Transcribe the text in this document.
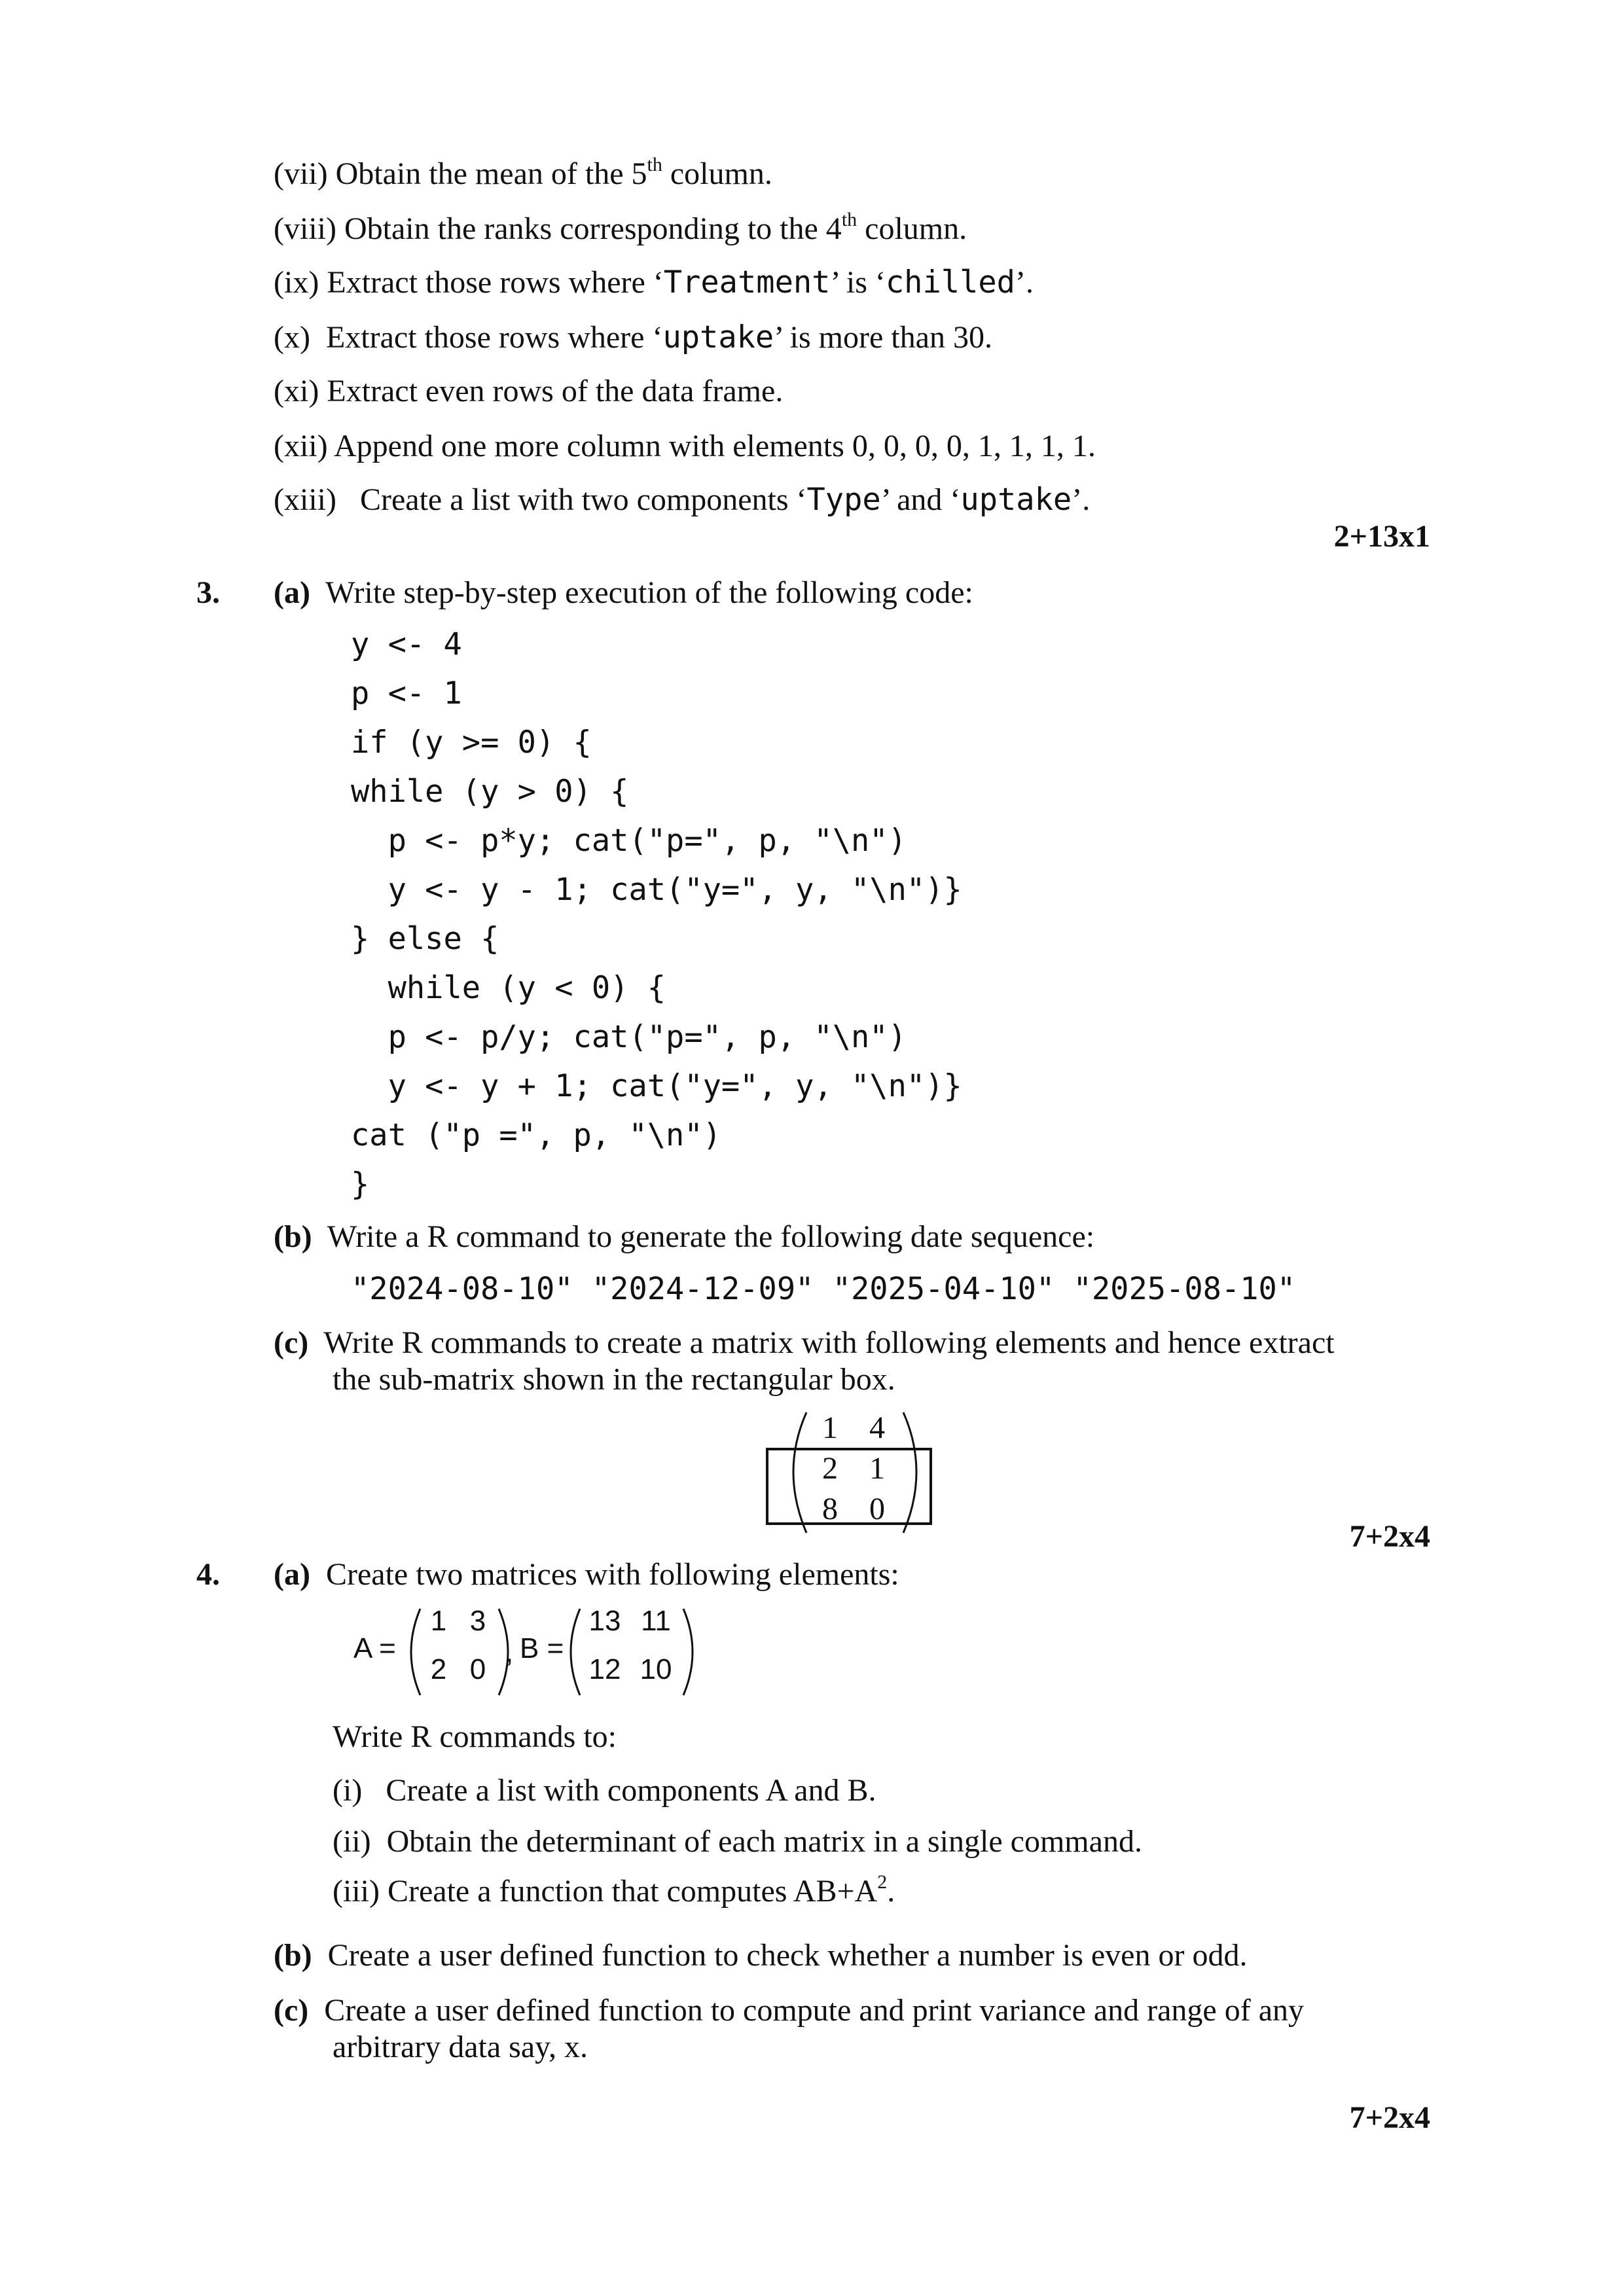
(vii) Obtain the mean of the 5th column.
(viii) Obtain the ranks corresponding to the 4th column.
(ix) Extract those rows where ‘Treatment’ is ‘chilled’.
(x) Extract those rows where ‘uptake’ is more than 30.
(xi) Extract even rows of the data frame.
(xii) Append one more column with elements 0, 0, 0, 0, 1, 1, 1, 1.
(xiii) Create a list with two components ‘Type’ and ‘uptake’.
2+13x1
3. (a) Write step-by-step execution of the following code:
y <- 4
p <- 1
if (y >= 0) {
while (y > 0) {
p <- p*y; cat("p=", p, "\n")
y <- y - 1; cat("y=", y, "\n")}
} else {
while (y < 0) {
p <- p/y; cat("p=", p, "\n")
y <- y + 1; cat("y=", y, "\n")}
cat ("p =", p, "\n")
}
(b) Write a R command to generate the following date sequence:
"2024-08-10" "2024-12-09" "2025-04-10" "2025-08-10"
(c) Write R commands to create a matrix with following elements and hence extract
the sub-matrix shown in the rectangular box.
1 4
2 1
8 0
7+2x4
4. (a) Create two matrices with following elements:
A =
1 3
2 0
, B =
13 11
12 10
Write R commands to:
(i) Create a list with components A and B.
(ii) Obtain the determinant of each matrix in a single command.
(iii) Create a function that computes $AB+A^2$.
(b) Create a user defined function to check whether a number is even or odd.
(c) Create a user defined function to compute and print variance and range of any
arbitrary data say, x.
7+2x4
